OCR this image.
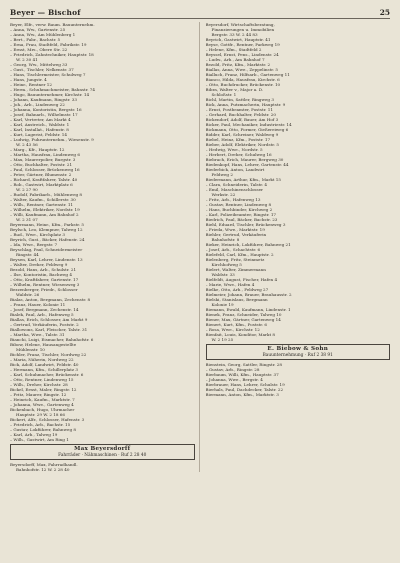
Beyer — Bischof	25
Beyer, Elfr., verw. Baum. Bauunternehm.
– Anna, Ww., Gartenstr. 25
– Anna, Ww., Am Mühlenberg 1
– Bert., Fabr., Bachstr. 5
– Erna, Frau, Stadtfeld, Fabrikstr. 19
– Ernst, Mrs., Obere Str. 22
– Friedrich, Zahntechniker, Hauptstr. 18
W. 2 30 41
– Georg, Ww., Mittelweg 33
– Gust., Tischler, Nelkenstr. 37
– Hans, Tischlermeister, Schulweg 7
– Hans, Jungstr. 4
– Heinr., Rentner 12
– Herm., Schuhmachmeister, Bahnstr. 74
– Hugo, Bauunternehmer, Kirchstr. 14
– Johann, Kaufmann, Ringstr. 33
– Joh., Arb., Lindenweg 22
– Johanna, Kontoristin, Bergstr. 16
– Josef, Bahnarb., Wilhelmstr. 17
– Karl, Vertreter, Am Markt 4
– Karl, Anstreich., Waldstr. 1
– Karl, Installat., Hafenstr. 8
– Kurt, Lagerist, Feldstr. 14
– Ludwig, Fuhrunternehm., Wiesenstr. 9
W. 2 43 56
– Marg., Kfr., Hauptstr. 12
– Martha, Hausfrau, Lindenweg 6
– Max, Maurerpolier, Burgstr. 3
– Otto, Buchhalter, Poststr. 21
– Paul, Schlosser, Brückenweg 16
– Peter, Gärtner, Blumenstr. 2
– Richard, Kraftfahrer, Talstr. 40
– Rob., Gastwirt, Marktplatz 6
W. 2 27 90
– Rudolf, Fabrikarb., Mühlenweg 8
– Walter, Kaufm., Schillerstr. 30
– Wilh., Rentner, Gartenstr. 11
– Wilhelm, Elektriker, Nordstr. 19
– Willi, Kaufmann, Am Bahnhof 2
W. 2 31 07
Beyermann, Heinr., Kfm., Parkstr. 5
Beylsch, Leo, Klempner, Talweg 12
– Rud., Wwe., Kirchplatz 3
Beyrich, Gust., Bäcker, Hafenstr. 24
– Ida, Wwe., Bergstr. 7
Beyschlag, Paul, Schneidermeister
Ringstr. 44
Beysen, Karl, Lehrer, Lindenstr. 13
– Walter, Dreher, Feldweg 9
Bezold, Hans, Arb., Schulstr. 21
– Ilse, Kontoristin, Bachweg 4
– Otto, Kraftfahrer, Gartenstr. 17
– Wilhelm, Rentner, Wiesenweg 3
Bezzenberger, Friedr., Schlosser
Waldstr. 26
Bialas, Anton, Bergmann, Zechenstr. 8
– Franz, Hauer, Kolonie 11
– Josef, Bergmann, Zechenstr. 14
Bialek, Paul, Arb., Hafenweg 5
Biallas, Erich, Schlosser, Am Markt 9
– Gertrud, Verkäuferin, Poststr. 2
Biallowons, Karl, Fleischer, Talstr. 31
– Martha, Wwe., Talstr. 31
Bianchi, Luigi, Eismacher, Bahnhofstr. 6
Bibow, Helene, Hausangestellte
Mühlenstr. 10
Bichler, Franz, Tischler, Nordweg 22
– Maria, Näherin, Nordweg 22
Bick, Adolf, Landwirt, Feldstr. 40
– Hermann, Kfm., Schillerplatz 3
– Karl, Schuhmacher, Brückenstr. 6
– Otto, Rentner, Lindenweg 15
– Wilh., Dreher, Kirchstr. 28
Bickel, Ernst, Maler, Ringstr. 12
– Fritz, Maurer, Ringstr. 12
– Heinrich, Kaufm., Marktstr. 7
– Johanna, Wwe., Gartenweg 4
Bickenbach, Hugo, Uhrmacher
Hauptstr. 29 W. 2 18 66
Bickert, Alfr., Schlosser, Hafenstr. 3
– Friedrich, Arb., Bachstr. 15
– Gustav, Lokführer, Bahnweg 8
– Karl, Arb., Talweg 19
– Wilh., Gastwirt, Am Ring 1
Max Beyersdorff
Fahrräder · Nähmaschinen · Ruf 2 28 40
Beyersdorff, Max, Fahrradhandl.
Bahnhofstr. 12 W. 2 28 40
Beyersdorf, Wirtschaftsberatung,
Finanzierungen u. Immobilien
Bergstr. 33 W. 2 44 83
Beyrich, Gastwirt, Hauptstr. 41
Beyse, Gottfr., Rentner, Parkweg 19
– Helene, Kfm., Stadtfeld 2
Beyssel, Ernst, Pens., Lindenstr. 24
– Ludw., Arb., Am Bahnhof 7
Bezold, Fritz, Kfm., Marktstr. 2
Biallas, Anna, Wwe., Zeppelinstr. 5
Bialluch, Franz, Hilfsarb., Gartenweg 11
Bianco, Hilda, Hausfrau, Kirchstr. 6
– Otto, Buchdrucker, Brückenstr. 10
Bibra, Walter v., Major a. D.
Schloßstr. 1
Bichl, Martin, Sattler, Ringweg 3
Bick, Anna, Putzmacherin, Hauptstr. 9
– Ernst, Postbeamter, Poststr. 11
– Gerhard, Buchhalter, Feldstr. 20
Bickendorf, Adolf, Bauer, Am Hof 3
Bicker, Paul, Mechaniker, Industriestr. 14
Bickmann, Otto, Former, Gießereiweg 6
Bidder, Karl, Schreiner, Waldweg 9
Biebel, Heinz, Kfm., Poststr. 17
Bieber, Adolf, Elektriker, Nordstr. 5
– Hedwig, Wwe., Nordstr. 5
– Herbert, Dreher, Schulweg 16
Biebrach, Erich, Maurer, Bergweg 30
Biedenkopf, Hans, Lehrer, Gartenstr. 44
Biederbick, Anton, Landwirt
Feldweg 2
Biedermann, Arthur, Kfm., Markt 15
– Clara, Schneiderin, Talstr. 4
– Emil, Maschinenschlosser
Werkstr. 22
– Fritz, Arb., Hafenweg 13
– Gustav, Rentner, Lindenweg 8
– Hans, Buchbinder, Kirchweg 2
– Karl, Polizeibeamter, Ringstr. 17
Biedrich, Paul, Bäcker, Bachstr. 23
Biehl, Eduard, Tischler, Brückenweg 3
– Frieda, Wwe., Marktstr. 19
Biehler, Gertrud, Verkäuferin
Bahnhofstr. 8
Bieker, Heinrich, Lokführer, Bahnweg 21
– Josef, Arb., Schachtstr. 6
Bielefeld, Carl, Kfm., Hauptstr. 2
Bielenberg, Fritz, Steinmetz
Kirchhofweg 5
Bielert, Walter, Zimmermann
Waldstr. 33
Bielfeldt, August, Fischer, Hafen 4
– Marie, Wwe., Hafen 4
Bielke, Otto, Arb., Feldweg 27
Bielmeier, Johann, Brauer, Brauhausstr. 2
Bielski, Stanislaus, Bergmann
Kolonie 19
Biemann, Ewald, Kaufmann, Lindenstr. 1
Bienek, Franz, Schneider, Talweg 10
Biener, Max, Gärtner, Gartenweg 14
Bienert, Kurt, Kfm., Poststr. 6
– Rosa, Wwe., Kirchstr. 12
Bienfait, Louis, Konditor, Markt 8
W. 2 19 25
E. Biebow & Sohn
Bauunternehmung · Ruf 2 38 91
Bienstein, Georg, Sattler, Ringstr. 28
– Gustav, Arb., Ringstr. 28
Bierbaum, Willi, Kfm., Hauptstr. 37
– Johanna, Wwe., Bergstr. 4
Bierbrauer, Hans, Lehrer, Schulstr. 19
Bierhals, Paul, Dachdecker, Talstr. 22
Biermann, Anton, Kfm., Marktstr. 3
